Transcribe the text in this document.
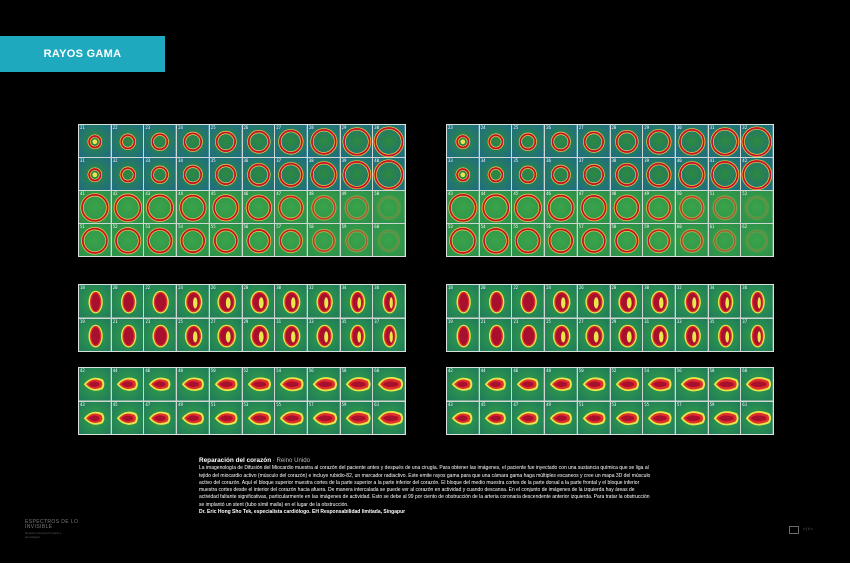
RAYOS GAMA
21	22	23	24	25	26	27	28	29	30
31	32	33	34	35	36	37	38	39	40
41	42	43	44	45	46	47	48	49	50
51	52	53	54	55	56	57	58	59	60
23	24	25	26	27	28	29	30	31	32
33	34	35	36	37	38	39	40	41	42
43	44	45	46	47	48	49	50	51	52
53	54	55	56	57	58	59	60	61	62
18	20	22	24	26	28	30	32	34	36
19	21	23	25	27	29	31	33	35	37
18	20	22	24	26	28	30	32	34	36
19	21	23	25	27	29	31	33	35	37
42	44	46	48	50	52	54	56	58	60
43	45	47	49	51	53	55	57	59	61
42	44	46	48	50	52	54	56	58	60
43	45	47	49	51	53	55	57	59	61
Reparación del corazón · Reino Unido
La imagenología de Difusión del Miocardio muestra al corazón del paciente antes y después de una cirugía. Para obtener las imágenes, el paciente fue inyectado con una sustancia química que se liga al tejido del miocardio activo (músculo del corazón) e incluye rubidio-82, un marcador radiactivo. Este emite rayos gama para que una cámara gama haga múltiples escaneos y cree un mapa 3D del músculo activo del corazón. Aquí el bloque superior muestra cortes de la parte superior a la parte inferior del corazón. El bloque del medio muestra cortes de la parte dorsal a la parte frontal y el bloque inferior muestra cortes desde el interior del corazón hacia afuera. De manera intercalada se puede ver al corazón en actividad y cuando descansa. En el conjunto de imágenes de la izquierda hay áreas de actividad faltante significativas, particularmente en las imágenes de actividad. Esto se debe al 99 por ciento de obstrucción de la arteria coronaria descendente anterior izquierda. Para tratar la obstrucción se implantó un stent (tubo símil malla) en el lugar de la obstrucción.
Dr. Eric Hong Sho Tek, especialista cardiólogo. EH Responsabilidad limitada, Singapur
ESPECTROS DE LO
INVISIBLE
Nuestro universo humano y
tecnológico
≡ ∫ ∂ ≡
